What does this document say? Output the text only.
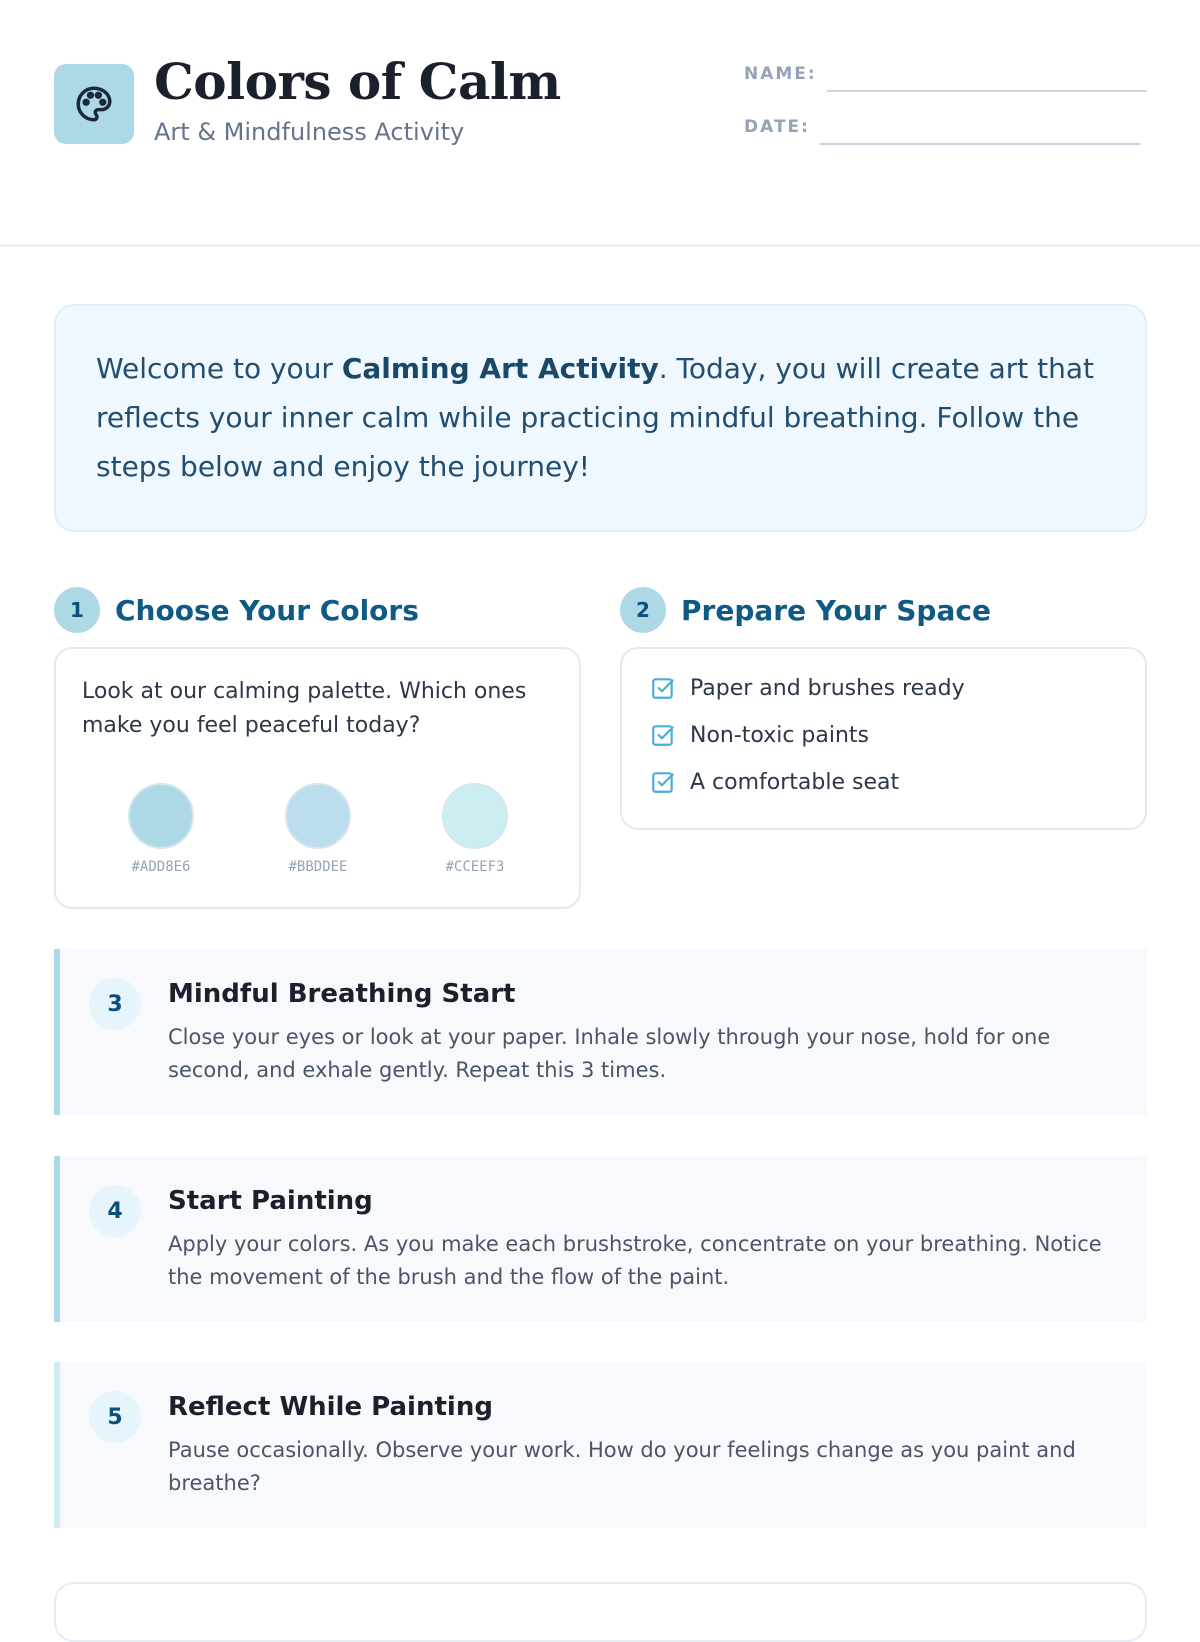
Colors of Calm
Art & Mindfulness Activity
NAME:
DATE:
Welcome to your Calming Art Activity. Today, you will create art that reflects your inner calm while practicing mindful breathing. Follow the steps below and enjoy the journey!
1	Choose Your Colors
Look at our calming palette. Which ones make you feel peaceful today?
#ADD8E6	#BBDDEE	#CCEEF3
2	Prepare Your Space
Paper and brushes ready
Non-toxic paints
A comfortable seat
3	Mindful Breathing Start
Close your eyes or look at your paper. Inhale slowly through your nose, hold for one second, and exhale gently. Repeat this 3 times.
4	Start Painting
Apply your colors. As you make each brushstroke, concentrate on your breathing. Notice the movement of the brush and the flow of the paint.
5	Reflect While Painting
Pause occasionally. Observe your work. How do your feelings change as you paint and breathe?
